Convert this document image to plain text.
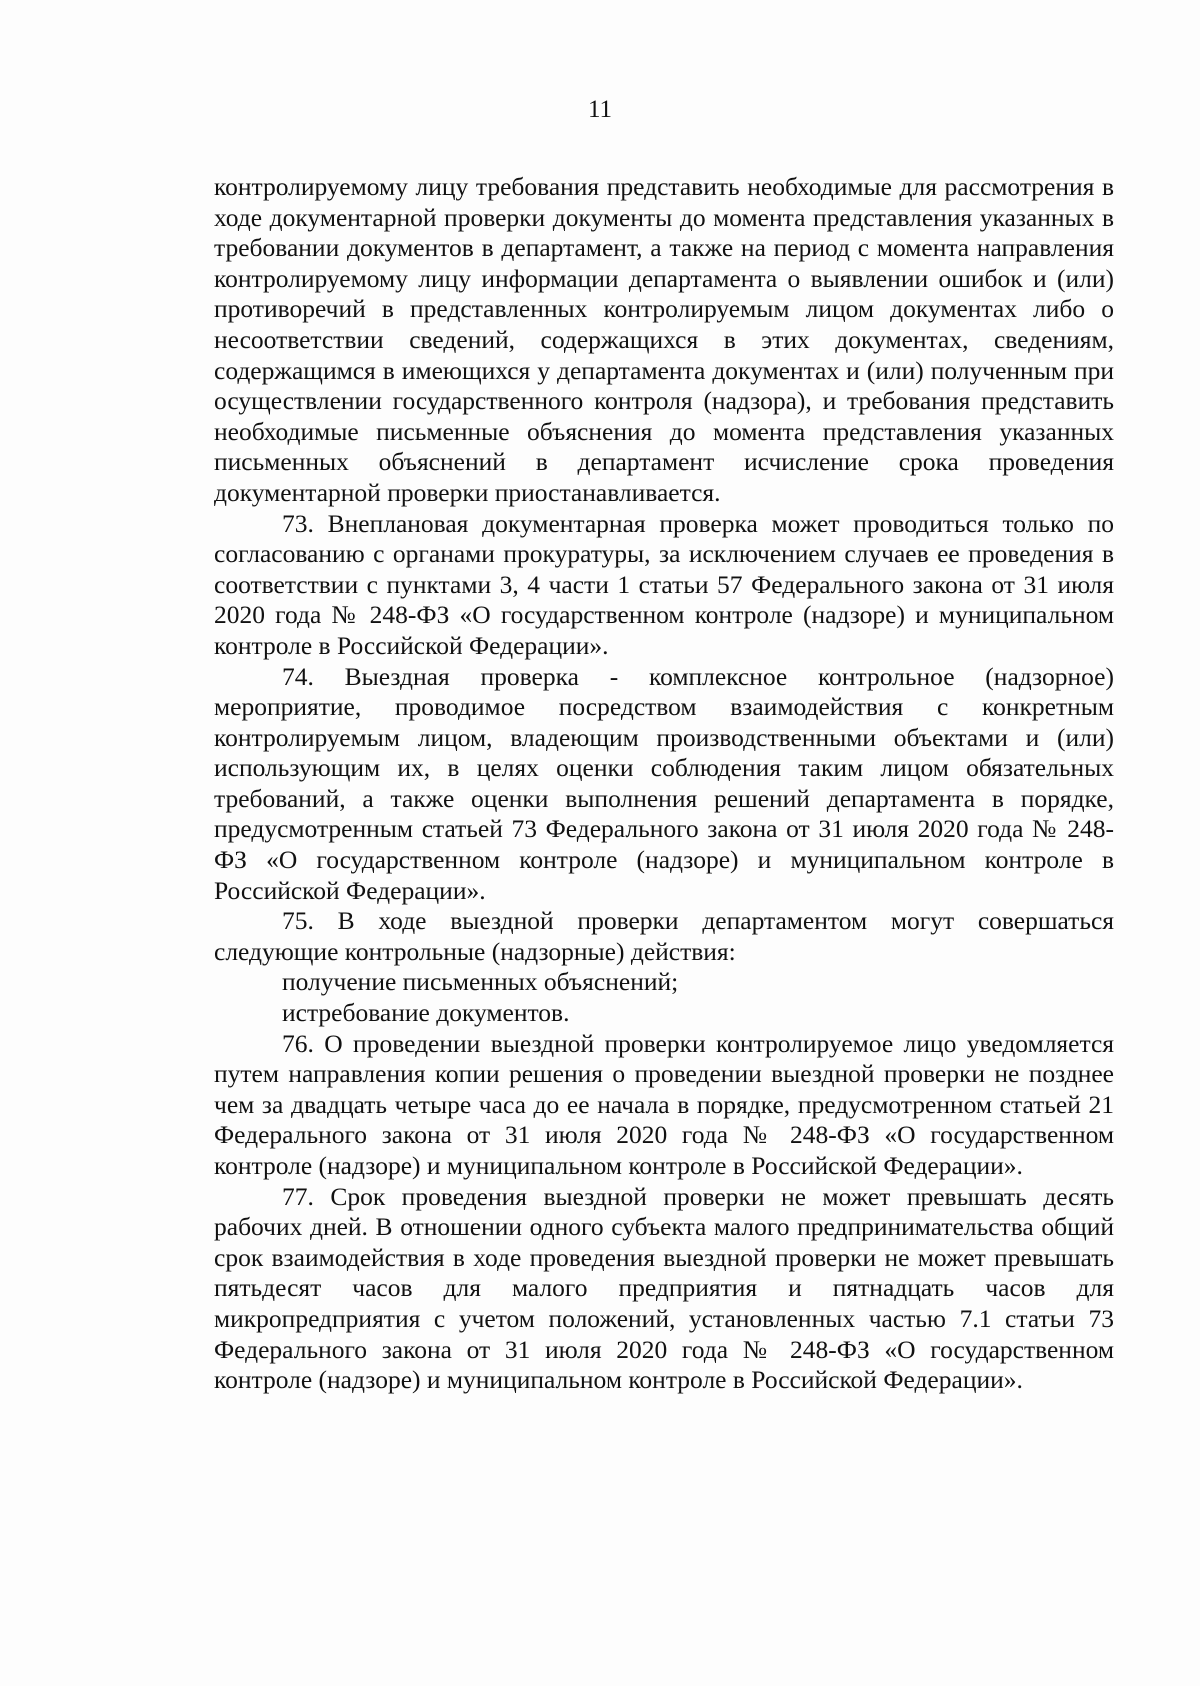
11

контролируемому лицу требования представить необходимые для рассмотрения в ходе документарной проверки документы до момента представления указанных в требовании документов в департамент, а также на период с момента направления контролируемому лицу информации департамента о выявлении ошибок и (или) противоречий в представленных контролируемым лицом документах либо о несоответствии сведений, содержащихся в этих документах, сведениям, содержащимся в имеющихся у департамента документах и (или) полученным при осуществлении государственного контроля (надзора), и требования представить необходимые письменные объяснения до момента представления указанных письменных объяснений в департамент исчисление срока проведения документарной проверки приостанавливается.

73. Внеплановая документарная проверка может проводиться только по согласованию с органами прокуратуры, за исключением случаев ее проведения в соответствии с пунктами 3, 4 части 1 статьи 57 Федерального закона от 31 июля 2020 года № 248-ФЗ «О государственном контроле (надзоре) и муниципальном контроле в Российской Федерации».

74. Выездная проверка - комплексное контрольное (надзорное) мероприятие, проводимое посредством взаимодействия с конкретным контролируемым лицом, владеющим производственными объектами и (или) использующим их, в целях оценки соблюдения таким лицом обязательных требований, а также оценки выполнения решений департамента в порядке, предусмотренным статьей 73 Федерального закона от 31 июля 2020 года № 248-ФЗ «О государственном контроле (надзоре) и муниципальном контроле в Российской Федерации».

75. В ходе выездной проверки департаментом могут совершаться следующие контрольные (надзорные) действия:

получение письменных объяснений;

истребование документов.

76. О проведении выездной проверки контролируемое лицо уведомляется путем направления копии решения о проведении выездной проверки не позднее чем за двадцать четыре часа до ее начала в порядке, предусмотренном статьей 21 Федерального закона от 31 июля 2020 года № 248-ФЗ «О государственном контроле (надзоре) и муниципальном контроле в Российской Федерации».

77. Срок проведения выездной проверки не может превышать десять рабочих дней. В отношении одного субъекта малого предпринимательства общий срок взаимодействия в ходе проведения выездной проверки не может превышать пятьдесят часов для малого предприятия и пятнадцать часов для микропредприятия с учетом положений, установленных частью 7.1 статьи 73 Федерального закона от 31 июля 2020 года № 248-ФЗ «О государственном контроле (надзоре) и муниципальном контроле в Российской Федерации».
